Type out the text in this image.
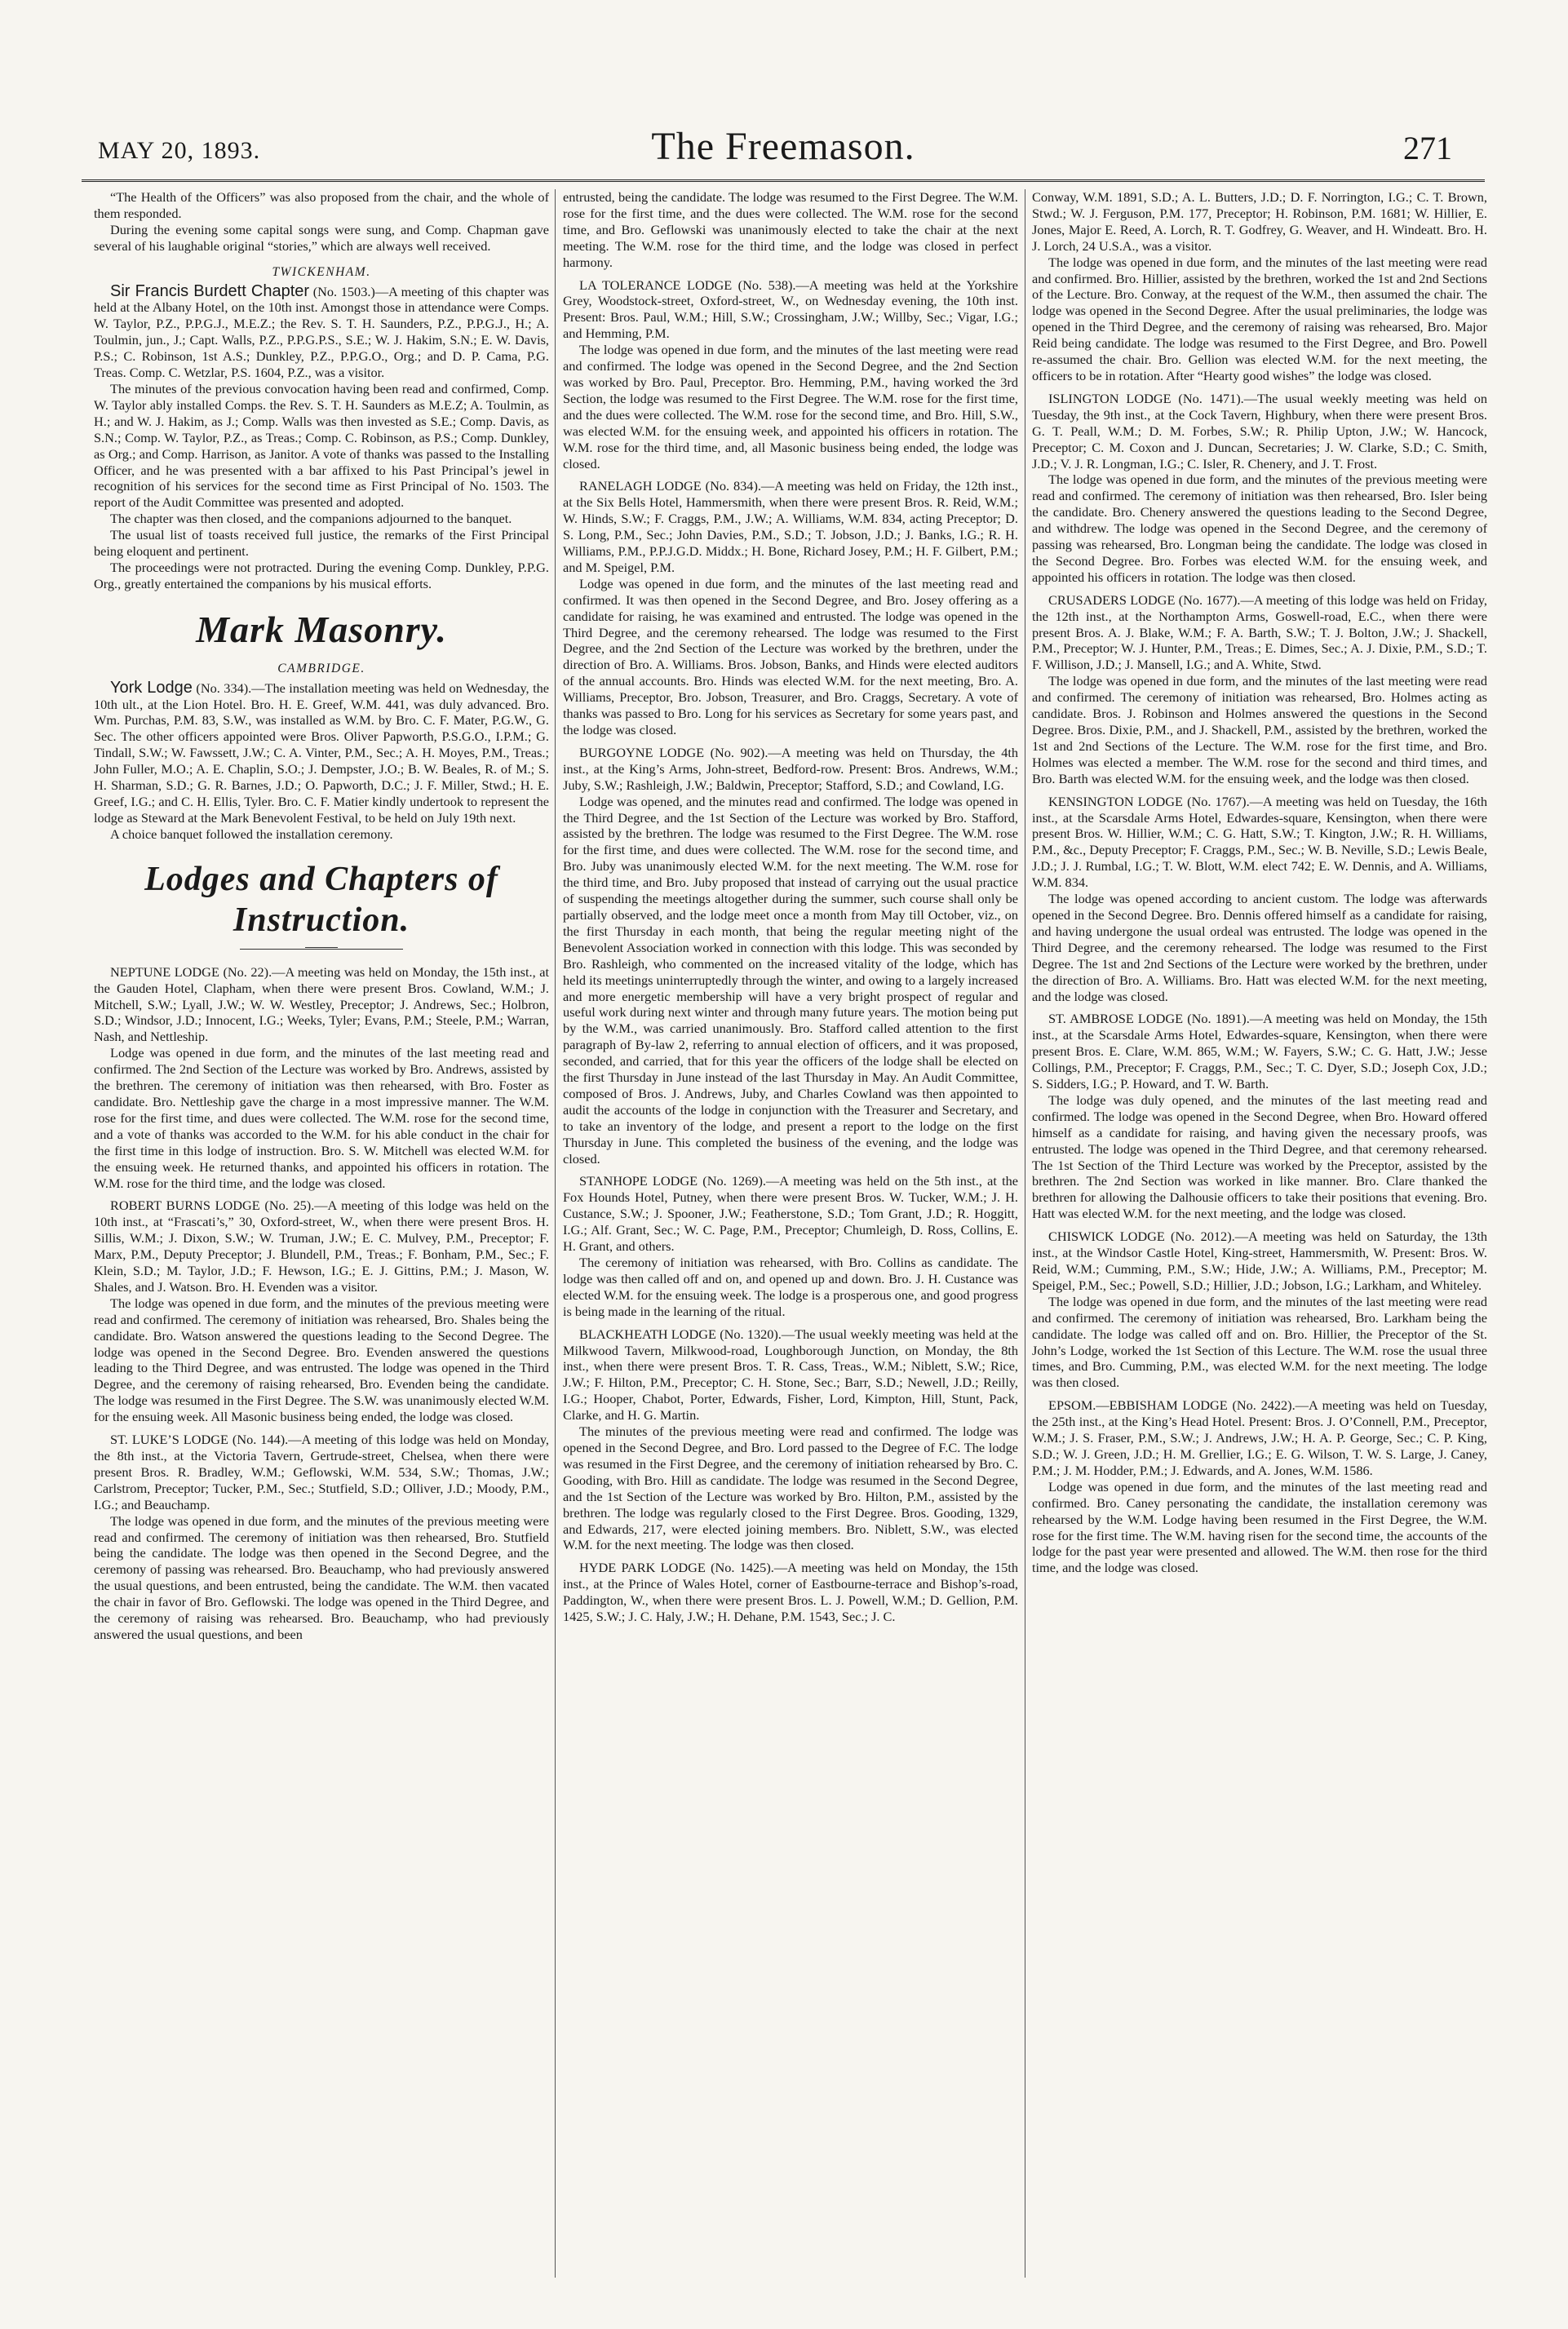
MAY 20, 1893.	The Freemason.	271

“The Health of the Officers” was also proposed from the chair, and the whole of them responded.

During the evening some capital songs were sung, and Comp. Chapman gave several of his laughable original “stories,” which are always well received.

TWICKENHAM.

Sir Francis Burdett Chapter (No. 1503.)—A meeting of this chapter was held at the Albany Hotel, on the 10th inst. Amongst those in attendance were Comps. W. Taylor, P.Z., P.P.G.J., M.E.Z.; the Rev. S. T. H. Saunders, P.Z., P.P.G.J., H.; A. Toulmin, jun., J.; Capt. Walls, P.Z., P.P.G.P.S., S.E.; W. J. Hakim, S.N.; E. W. Davis, P.S.; C. Robinson, 1st A.S.; Dunkley, P.Z., P.P.G.O., Org.; and D. P. Cama, P.G. Treas. Comp. C. Wetzlar, P.S. 1604, P.Z., was a visitor.

The minutes of the previous convocation having been read and confirmed, Comp. W. Taylor ably installed Comps. the Rev. S. T. H. Saunders as M.E.Z; A. Toulmin, as H.; and W. J. Hakim, as J.; Comp. Walls was then invested as S.E.; Comp. Davis, as S.N.; Comp. W. Taylor, P.Z., as Treas.; Comp. C. Robinson, as P.S.; Comp. Dunkley, as Org.; and Comp. Harrison, as Janitor. A vote of thanks was passed to the Installing Officer, and he was presented with a bar affixed to his Past Principal’s jewel in recognition of his services for the second time as First Principal of No. 1503. The report of the Audit Committee was presented and adopted.

The chapter was then closed, and the companions adjourned to the banquet.

The usual list of toasts received full justice, the remarks of the First Principal being eloquent and pertinent.

The proceedings were not protracted. During the evening Comp. Dunkley, P.P.G. Org., greatly entertained the companions by his musical efforts.

Mark Masonry.
CAMBRIDGE.

York Lodge (No. 334).—The installation meeting was held on Wednesday, the 10th ult., at the Lion Hotel. Bro. H. E. Greef, W.M. 441, was duly advanced. Bro. Wm. Purchas, P.M. 83, S.W., was installed as W.M. by Bro. C. F. Mater, P.G.W., G. Sec. The other officers appointed were Bros. Oliver Papworth, P.S.G.O., I.P.M.; G. Tindall, S.W.; W. Fawssett, J.W.; C. A. Vinter, P.M., Sec.; A. H. Moyes, P.M., Treas.; John Fuller, M.O.; A. E. Chaplin, S.O.; J. Dempster, J.O.; B. W. Beales, R. of M.; S. H. Sharman, S.D.; G. R. Barnes, J.D.; O. Papworth, D.C.; J. F. Miller, Stwd.; H. E. Greef, I.G.; and C. H. Ellis, Tyler. Bro. C. F. Matier kindly undertook to represent the lodge as Steward at the Mark Benevolent Festival, to be held on July 19th next.

A choice banquet followed the installation ceremony.

Lodges and Chapters of
Instruction.

NEPTUNE LODGE (No. 22).—A meeting was held on Monday, the 15th inst., at the Gauden Hotel, Clapham, when there were present Bros. Cowland, W.M.; J. Mitchell, S.W.; Lyall, J.W.; W. W. Westley, Preceptor; J. Andrews, Sec.; Holbron, S.D.; Windsor, J.D.; Innocent, I.G.; Weeks, Tyler; Evans, P.M.; Steele, P.M.; Warran, Nash, and Nettleship.

Lodge was opened in due form, and the minutes of the last meeting read and confirmed. The 2nd Section of the Lecture was worked by Bro. Andrews, assisted by the brethren. The ceremony of initiation was then rehearsed, with Bro. Foster as candidate. Bro. Nettleship gave the charge in a most impressive manner. The W.M. rose for the first time, and dues were collected. The W.M. rose for the second time, and a vote of thanks was accorded to the W.M. for his able conduct in the chair for the first time in this lodge of instruction. Bro. S. W. Mitchell was elected W.M. for the ensuing week. He returned thanks, and appointed his officers in rotation. The W.M. rose for the third time, and the lodge was closed.

ROBERT BURNS LODGE (No. 25).—A meeting of this lodge was held on the 10th inst., at “Frascati’s,” 30, Oxford-street, W., when there were present Bros. H. Sillis, W.M.; J. Dixon, S.W.; W. Truman, J.W.; E. C. Mulvey, P.M., Preceptor; F. Marx, P.M., Deputy Preceptor; J. Blundell, P.M., Treas.; F. Bonham, P.M., Sec.; F. Klein, S.D.; M. Taylor, J.D.; F. Hewson, I.G.; E. J. Gittins, P.M.; J. Mason, W. Shales, and J. Watson. Bro. H. Evenden was a visitor.

The lodge was opened in due form, and the minutes of the previous meeting were read and confirmed. The ceremony of initiation was rehearsed, Bro. Shales being the candidate. Bro. Watson answered the questions leading to the Second Degree. The lodge was opened in the Second Degree. Bro. Evenden answered the questions leading to the Third Degree, and was entrusted. The lodge was opened in the Third Degree, and the ceremony of raising rehearsed, Bro. Evenden being the candidate. The lodge was resumed in the First Degree. The S.W. was unanimously elected W.M. for the ensuing week. All Masonic business being ended, the lodge was closed.

ST. LUKE’S LODGE (No. 144).—A meeting of this lodge was held on Monday, the 8th inst., at the Victoria Tavern, Gertrude-street, Chelsea, when there were present Bros. R. Bradley, W.M.; Geflowski, W.M. 534, S.W.; Thomas, J.W.; Carlstrom, Preceptor; Tucker, P.M., Sec.; Stutfield, S.D.; Olliver, J.D.; Moody, P.M., I.G.; and Beauchamp.

The lodge was opened in due form, and the minutes of the previous meeting were read and confirmed. The ceremony of initiation was then rehearsed, Bro. Stutfield being the candidate. The lodge was then opened in the Second Degree, and the ceremony of passing was rehearsed. Bro. Beauchamp, who had previously answered the usual questions, and been entrusted, being the candidate. The W.M. then vacated the chair in favor of Bro. Geflowski. The lodge was opened in the Third Degree, and the ceremony of raising was rehearsed. Bro. Beauchamp, who had previously answered the usual questions, and been

entrusted, being the candidate. The lodge was resumed to the First Degree. The W.M. rose for the first time, and the dues were collected. The W.M. rose for the second time, and Bro. Geflowski was unanimously elected to take the chair at the next meeting. The W.M. rose for the third time, and the lodge was closed in perfect harmony.

LA TOLERANCE LODGE (No. 538).—A meeting was held at the Yorkshire Grey, Woodstock-street, Oxford-street, W., on Wednesday evening, the 10th inst. Present: Bros. Paul, W.M.; Hill, S.W.; Crossingham, J.W.; Willby, Sec.; Vigar, I.G.; and Hemming, P.M.

The lodge was opened in due form, and the minutes of the last meeting were read and confirmed. The lodge was opened in the Second Degree, and the 2nd Section was worked by Bro. Paul, Preceptor. Bro. Hemming, P.M., having worked the 3rd Section, the lodge was resumed to the First Degree. The W.M. rose for the first time, and the dues were collected. The W.M. rose for the second time, and Bro. Hill, S.W., was elected W.M. for the ensuing week, and appointed his officers in rotation. The W.M. rose for the third time, and, all Masonic business being ended, the lodge was closed.

RANELAGH LODGE (No. 834).—A meeting was held on Friday, the 12th inst., at the Six Bells Hotel, Hammersmith, when there were present Bros. R. Reid, W.M.; W. Hinds, S.W.; F. Craggs, P.M., J.W.; A. Williams, W.M. 834, acting Preceptor; D. S. Long, P.M., Sec.; John Davies, P.M., S.D.; T. Jobson, J.D.; J. Banks, I.G.; R. H. Williams, P.M., P.P.J.G.D. Middx.; H. Bone, Richard Josey, P.M.; H. F. Gilbert, P.M.; and M. Speigel, P.M.

Lodge was opened in due form, and the minutes of the last meeting read and confirmed. It was then opened in the Second Degree, and Bro. Josey offering as a candidate for raising, he was examined and entrusted. The lodge was opened in the Third Degree, and the ceremony rehearsed. The lodge was resumed to the First Degree, and the 2nd Section of the Lecture was worked by the brethren, under the direction of Bro. A. Williams. Bros. Jobson, Banks, and Hinds were elected auditors of the annual accounts. Bro. Hinds was elected W.M. for the next meeting, Bro. A. Williams, Preceptor, Bro. Jobson, Treasurer, and Bro. Craggs, Secretary. A vote of thanks was passed to Bro. Long for his services as Secretary for some years past, and the lodge was closed.

BURGOYNE LODGE (No. 902).—A meeting was held on Thursday, the 4th inst., at the King’s Arms, John-street, Bedford-row. Present: Bros. Andrews, W.M.; Juby, S.W.; Rashleigh, J.W.; Baldwin, Preceptor; Stafford, S.D.; and Cowland, I.G.

Lodge was opened, and the minutes read and confirmed. The lodge was opened in the Third Degree, and the 1st Section of the Lecture was worked by Bro. Stafford, assisted by the brethren. The lodge was resumed to the First Degree. The W.M. rose for the first time, and dues were collected. The W.M. rose for the second time, and Bro. Juby was unanimously elected W.M. for the next meeting. The W.M. rose for the third time, and Bro. Juby proposed that instead of carrying out the usual practice of suspending the meetings altogether during the summer, such course shall only be partially observed, and the lodge meet once a month from May till October, viz., on the first Thursday in each month, that being the regular meeting night of the Benevolent Association worked in connection with this lodge. This was seconded by Bro. Rashleigh, who commented on the increased vitality of the lodge, which has held its meetings uninterruptedly through the winter, and owing to a largely increased and more energetic membership will have a very bright prospect of regular and useful work during next winter and through many future years. The motion being put by the W.M., was carried unanimously. Bro. Stafford called attention to the first paragraph of By-law 2, referring to annual election of officers, and it was proposed, seconded, and carried, that for this year the officers of the lodge shall be elected on the first Thursday in June instead of the last Thursday in May. An Audit Committee, composed of Bros. J. Andrews, Juby, and Charles Cowland was then appointed to audit the accounts of the lodge in conjunction with the Treasurer and Secretary, and to take an inventory of the lodge, and present a report to the lodge on the first Thursday in June. This completed the business of the evening, and the lodge was closed.

STANHOPE LODGE (No. 1269).—A meeting was held on the 5th inst., at the Fox Hounds Hotel, Putney, when there were present Bros. W. Tucker, W.M.; J. H. Custance, S.W.; J. Spooner, J.W.; Featherstone, S.D.; Tom Grant, J.D.; R. Hoggitt, I.G.; Alf. Grant, Sec.; W. C. Page, P.M., Preceptor; Chumleigh, D. Ross, Collins, E. H. Grant, and others.

The ceremony of initiation was rehearsed, with Bro. Collins as candidate. The lodge was then called off and on, and opened up and down. Bro. J. H. Custance was elected W.M. for the ensuing week. The lodge is a prosperous one, and good progress is being made in the learning of the ritual.

BLACKHEATH LODGE (No. 1320).—The usual weekly meeting was held at the Milkwood Tavern, Milkwood-road, Loughborough Junction, on Monday, the 8th inst., when there were present Bros. T. R. Cass, Treas., W.M.; Niblett, S.W.; Rice, J.W.; F. Hilton, P.M., Preceptor; C. H. Stone, Sec.; Barr, S.D.; Newell, J.D.; Reilly, I.G.; Hooper, Chabot, Porter, Edwards, Fisher, Lord, Kimpton, Hill, Stunt, Pack, Clarke, and H. G. Martin.

The minutes of the previous meeting were read and confirmed. The lodge was opened in the Second Degree, and Bro. Lord passed to the Degree of F.C. The lodge was resumed in the First Degree, and the ceremony of initiation rehearsed by Bro. C. Gooding, with Bro. Hill as candidate. The lodge was resumed in the Second Degree, and the 1st Section of the Lecture was worked by Bro. Hilton, P.M., assisted by the brethren. The lodge was regularly closed to the First Degree. Bros. Gooding, 1329, and Edwards, 217, were elected joining members. Bro. Niblett, S.W., was elected W.M. for the next meeting. The lodge was then closed.

HYDE PARK LODGE (No. 1425).—A meeting was held on Monday, the 15th inst., at the Prince of Wales Hotel, corner of Eastbourne-terrace and Bishop’s-road, Paddington, W., when there were present Bros. L. J. Powell, W.M.; D. Gellion, P.M. 1425, S.W.; J. C. Haly, J.W.; H. Dehane, P.M. 1543, Sec.; J. C.

Conway, W.M. 1891, S.D.; A. L. Butters, J.D.; D. F. Norrington, I.G.; C. T. Brown, Stwd.; W. J. Ferguson, P.M. 177, Preceptor; H. Robinson, P.M. 1681; W. Hillier, E. Jones, Major E. Reed, A. Lorch, R. T. Godfrey, G. Weaver, and H. Windeatt. Bro. H. J. Lorch, 24 U.S.A., was a visitor.

The lodge was opened in due form, and the minutes of the last meeting were read and confirmed. Bro. Hillier, assisted by the brethren, worked the 1st and 2nd Sections of the Lecture. Bro. Conway, at the request of the W.M., then assumed the chair. The lodge was opened in the Second Degree. After the usual preliminaries, the lodge was opened in the Third Degree, and the ceremony of raising was rehearsed, Bro. Major Reid being candidate. The lodge was resumed to the First Degree, and Bro. Powell re-assumed the chair. Bro. Gellion was elected W.M. for the next meeting, the officers to be in rotation. After “Hearty good wishes” the lodge was closed.

ISLINGTON LODGE (No. 1471).—The usual weekly meeting was held on Tuesday, the 9th inst., at the Cock Tavern, Highbury, when there were present Bros. G. T. Peall, W.M.; D. M. Forbes, S.W.; R. Philip Upton, J.W.; W. Hancock, Preceptor; C. M. Coxon and J. Duncan, Secretaries; J. W. Clarke, S.D.; C. Smith, J.D.; V. J. R. Longman, I.G.; C. Isler, R. Chenery, and J. T. Frost.

The lodge was opened in due form, and the minutes of the previous meeting were read and confirmed. The ceremony of initiation was then rehearsed, Bro. Isler being the candidate. Bro. Chenery answered the questions leading to the Second Degree, and withdrew. The lodge was opened in the Second Degree, and the ceremony of passing was rehearsed, Bro. Longman being the candidate. The lodge was closed in the Second Degree. Bro. Forbes was elected W.M. for the ensuing week, and appointed his officers in rotation. The lodge was then closed.

CRUSADERS LODGE (No. 1677).—A meeting of this lodge was held on Friday, the 12th inst., at the Northampton Arms, Goswell-road, E.C., when there were present Bros. A. J. Blake, W.M.; F. A. Barth, S.W.; T. J. Bolton, J.W.; J. Shackell, P.M., Preceptor; W. J. Hunter, P.M., Treas.; E. Dimes, Sec.; A. J. Dixie, P.M., S.D.; T. F. Willison, J.D.; J. Mansell, I.G.; and A. White, Stwd.

The lodge was opened in due form, and the minutes of the last meeting were read and confirmed. The ceremony of initiation was rehearsed, Bro. Holmes acting as candidate. Bros. J. Robinson and Holmes answered the questions in the Second Degree. Bros. Dixie, P.M., and J. Shackell, P.M., assisted by the brethren, worked the 1st and 2nd Sections of the Lecture. The W.M. rose for the first time, and Bro. Holmes was elected a member. The W.M. rose for the second and third times, and Bro. Barth was elected W.M. for the ensuing week, and the lodge was then closed.

KENSINGTON LODGE (No. 1767).—A meeting was held on Tuesday, the 16th inst., at the Scarsdale Arms Hotel, Edwardes-square, Kensington, when there were present Bros. W. Hillier, W.M.; C. G. Hatt, S.W.; T. Kington, J.W.; R. H. Williams, P.M., &c., Deputy Preceptor; F. Craggs, P.M., Sec.; W. B. Neville, S.D.; Lewis Beale, J.D.; J. J. Rumbal, I.G.; T. W. Blott, W.M. elect 742; E. W. Dennis, and A. Williams, W.M. 834.

The lodge was opened according to ancient custom. The lodge was afterwards opened in the Second Degree. Bro. Dennis offered himself as a candidate for raising, and having undergone the usual ordeal was entrusted. The lodge was opened in the Third Degree, and the ceremony rehearsed. The lodge was resumed to the First Degree. The 1st and 2nd Sections of the Lecture were worked by the brethren, under the direction of Bro. A. Williams. Bro. Hatt was elected W.M. for the next meeting, and the lodge was closed.

ST. AMBROSE LODGE (No. 1891).—A meeting was held on Monday, the 15th inst., at the Scarsdale Arms Hotel, Edwardes-square, Kensington, when there were present Bros. E. Clare, W.M. 865, W.M.; W. Fayers, S.W.; C. G. Hatt, J.W.; Jesse Collings, P.M., Preceptor; F. Craggs, P.M., Sec.; T. C. Dyer, S.D.; Joseph Cox, J.D.; S. Sidders, I.G.; P. Howard, and T. W. Barth.

The lodge was duly opened, and the minutes of the last meeting read and confirmed. The lodge was opened in the Second Degree, when Bro. Howard offered himself as a candidate for raising, and having given the necessary proofs, was entrusted. The lodge was opened in the Third Degree, and that ceremony rehearsed. The 1st Section of the Third Lecture was worked by the Preceptor, assisted by the brethren. The 2nd Section was worked in like manner. Bro. Clare thanked the brethren for allowing the Dalhousie officers to take their positions that evening. Bro. Hatt was elected W.M. for the next meeting, and the lodge was closed.

CHISWICK LODGE (No. 2012).—A meeting was held on Saturday, the 13th inst., at the Windsor Castle Hotel, King-street, Hammersmith, W. Present: Bros. W. Reid, W.M.; Cumming, P.M., S.W.; Hide, J.W.; A. Williams, P.M., Preceptor; M. Speigel, P.M., Sec.; Powell, S.D.; Hillier, J.D.; Jobson, I.G.; Larkham, and Whiteley.

The lodge was opened in due form, and the minutes of the last meeting were read and confirmed. The ceremony of initiation was rehearsed, Bro. Larkham being the candidate. The lodge was called off and on. Bro. Hillier, the Preceptor of the St. John’s Lodge, worked the 1st Section of this Lecture. The W.M. rose the usual three times, and Bro. Cumming, P.M., was elected W.M. for the next meeting. The lodge was then closed.

EPSOM.—EBBISHAM LODGE (No. 2422).—A meeting was held on Tuesday, the 25th inst., at the King’s Head Hotel. Present: Bros. J. O’Connell, P.M., Preceptor, W.M.; J. S. Fraser, P.M., S.W.; J. Andrews, J.W.; H. A. P. George, Sec.; C. P. King, S.D.; W. J. Green, J.D.; H. M. Grellier, I.G.; E. G. Wilson, T. W. S. Large, J. Caney, P.M.; J. M. Hodder, P.M.; J. Edwards, and A. Jones, W.M. 1586.

Lodge was opened in due form, and the minutes of the last meeting read and confirmed. Bro. Caney personating the candidate, the installation ceremony was rehearsed by the W.M. Lodge having been resumed in the First Degree, the W.M. rose for the first time. The W.M. having risen for the second time, the accounts of the lodge for the past year were presented and allowed. The W.M. then rose for the third time, and the lodge was closed.
